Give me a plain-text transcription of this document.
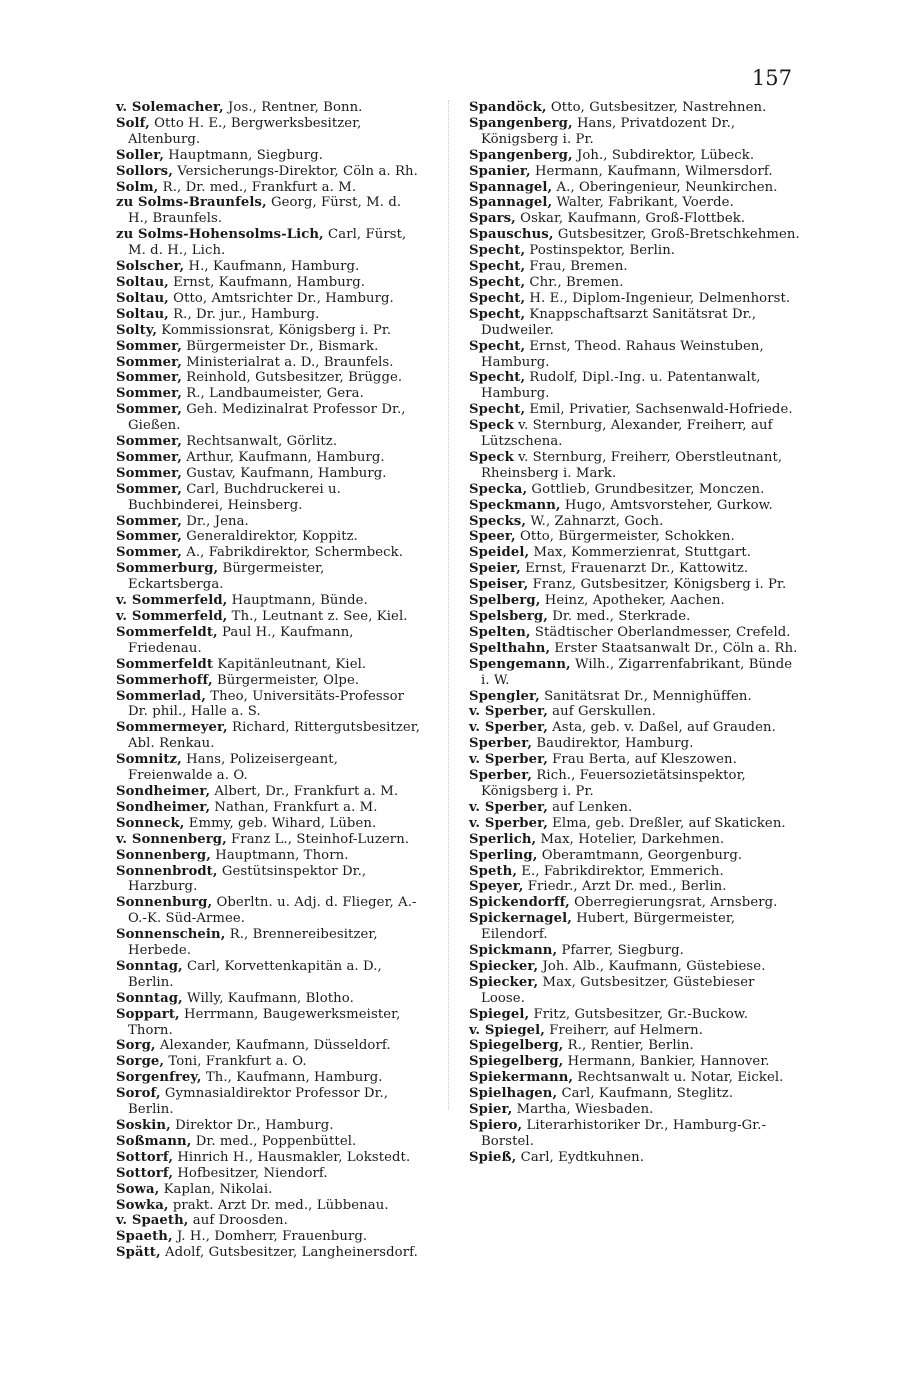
157

v. Solemacher, Jos., Rentner, Bonn.

Solf, Otto H. E., Bergwerksbesitzer, Altenburg.

Soller, Hauptmann, Siegburg.

Sollors, Versicherungs-Direktor, Cöln a. Rh.

Solm, R., Dr. med., Frankfurt a. M.

zu Solms-Braunfels, Georg, Fürst, M. d. H., Braunfels.

zu Solms-Hohensolms-Lich, Carl, Fürst, M. d. H., Lich.

Solscher, H., Kaufmann, Hamburg.

Soltau, Ernst, Kaufmann, Hamburg.

Soltau, Otto, Amtsrichter Dr., Hamburg.

Soltau, R., Dr. jur., Hamburg.

Solty, Kommissionsrat, Königsberg i. Pr.

Sommer, Bürgermeister Dr., Bismark.

Sommer, Ministerialrat a. D., Braunfels.

Sommer, Reinhold, Gutsbesitzer, Brügge.

Sommer, R., Landbaumeister, Gera.

Sommer, Geh. Medizinalrat Professor Dr., Gießen.

Sommer, Rechtsanwalt, Görlitz.

Sommer, Arthur, Kaufmann, Hamburg.

Sommer, Gustav, Kaufmann, Hamburg.

Sommer, Carl, Buchdruckerei u. Buchbinderei, Heinsberg.

Sommer, Dr., Jena.

Sommer, Generaldirektor, Koppitz.

Sommer, A., Fabrikdirektor, Schermbeck.

Sommerburg, Bürgermeister, Eckartsberga.

v. Sommerfeld, Hauptmann, Bünde.

v. Sommerfeld, Th., Leutnant z. See, Kiel.

Sommerfeldt, Paul H., Kaufmann, Friedenau.

Sommerfeldt Kapitänleutnant, Kiel.

Sommerhoff, Bürgermeister, Olpe.

Sommerlad, Theo, Universitäts-Professor Dr. phil., Halle a. S.

Sommermeyer, Richard, Rittergutsbesitzer, Abl. Renkau.

Somnitz, Hans, Polizeisergeant, Freienwalde a. O.

Sondheimer, Albert, Dr., Frankfurt a. M.

Sondheimer, Nathan, Frankfurt a. M.

Sonneck, Emmy, geb. Wihard, Lüben.

v. Sonnenberg, Franz L., Steinhof-Luzern.

Sonnenberg, Hauptmann, Thorn.

Sonnenbrodt, Gestütsinspektor Dr., Harzburg.

Sonnenburg, Oberltn. u. Adj. d. Flieger, A.-O.-K. Süd-Armee.

Sonnenschein, R., Brennereibesitzer, Herbede.

Sonntag, Carl, Korvettenkapitän a. D., Berlin.

Sonntag, Willy, Kaufmann, Blotho.

Soppart, Herrmann, Baugewerksmeister, Thorn.

Sorg, Alexander, Kaufmann, Düsseldorf.

Sorge, Toni, Frankfurt a. O.

Sorgenfrey, Th., Kaufmann, Hamburg.

Sorof, Gymnasialdirektor Professor Dr., Berlin.

Soskin, Direktor Dr., Hamburg.

Soßmann, Dr. med., Poppenbüttel.

Sottorf, Hinrich H., Hausmakler, Lokstedt.

Sottorf, Hofbesitzer, Niendorf.

Sowa, Kaplan, Nikolai.

Sowka, prakt. Arzt Dr. med., Lübbenau.

v. Spaeth, auf Droosden.

Spaeth, J. H., Domherr, Frauenburg.

Spätt, Adolf, Gutsbesitzer, Langheinersdorf.

Spandöck, Otto, Gutsbesitzer, Nastrehnen.

Spangenberg, Hans, Privatdozent Dr., Königsberg i. Pr.

Spangenberg, Joh., Subdirektor, Lübeck.

Spanier, Hermann, Kaufmann, Wilmersdorf.

Spannagel, A., Oberingenieur, Neunkirchen.

Spannagel, Walter, Fabrikant, Voerde.

Spars, Oskar, Kaufmann, Groß-Flottbek.

Spauschus, Gutsbesitzer, Groß-Bretschkehmen.

Specht, Postinspektor, Berlin.

Specht, Frau, Bremen.

Specht, Chr., Bremen.

Specht, H. E., Diplom-Ingenieur, Delmenhorst.

Specht, Knappschaftsarzt Sanitätsrat Dr., Dudweiler.

Specht, Ernst, Theod. Rahaus Weinstuben, Hamburg.

Specht, Rudolf, Dipl.-Ing. u. Patentanwalt, Hamburg.

Specht, Emil, Privatier, Sachsenwald-Hofriede.

Speck v. Sternburg, Alexander, Freiherr, auf Lützschena.

Speck v. Sternburg, Freiherr, Oberstleutnant, Rheinsberg i. Mark.

Specka, Gottlieb, Grundbesitzer, Monczen.

Speckmann, Hugo, Amtsvorsteher, Gurkow.

Specks, W., Zahnarzt, Goch.

Speer, Otto, Bürgermeister, Schokken.

Speidel, Max, Kommerzienrat, Stuttgart.

Speier, Ernst, Frauenarzt Dr., Kattowitz.

Speiser, Franz, Gutsbesitzer, Königsberg i. Pr.

Spelberg, Heinz, Apotheker, Aachen.

Spelsberg, Dr. med., Sterkrade.

Spelten, Städtischer Oberlandmesser, Crefeld.

Spelthahn, Erster Staatsanwalt Dr., Cöln a. Rh.

Spengemann, Wilh., Zigarrenfabrikant, Bünde i. W.

Spengler, Sanitätsrat Dr., Mennighüffen.

v. Sperber, auf Gerskullen.

v. Sperber, Asta, geb. v. Daßel, auf Grauden.

Sperber, Baudirektor, Hamburg.

v. Sperber, Frau Berta, auf Kleszowen.

Sperber, Rich., Feuersozietätsinspektor, Königsberg i. Pr.

v. Sperber, auf Lenken.

v. Sperber, Elma, geb. Dreßler, auf Skaticken.

Sperlich, Max, Hotelier, Darkehmen.

Sperling, Oberamtmann, Georgenburg.

Speth, E., Fabrikdirektor, Emmerich.

Speyer, Friedr., Arzt Dr. med., Berlin.

Spickendorff, Oberregierungsrat, Arnsberg.

Spickernagel, Hubert, Bürgermeister, Eilendorf.

Spickmann, Pfarrer, Siegburg.

Spiecker, Joh. Alb., Kaufmann, Güstebiese.

Spiecker, Max, Gutsbesitzer, Güstebieser Loose.

Spiegel, Fritz, Gutsbesitzer, Gr.-Buckow.

v. Spiegel, Freiherr, auf Helmern.

Spiegelberg, R., Rentier, Berlin.

Spiegelberg, Hermann, Bankier, Hannover.

Spiekermann, Rechtsanwalt u. Notar, Eickel.

Spielhagen, Carl, Kaufmann, Steglitz.

Spier, Martha, Wiesbaden.

Spiero, Literarhistoriker Dr., Hamburg-Gr.-Borstel.

Spieß, Carl, Eydtkuhnen.
